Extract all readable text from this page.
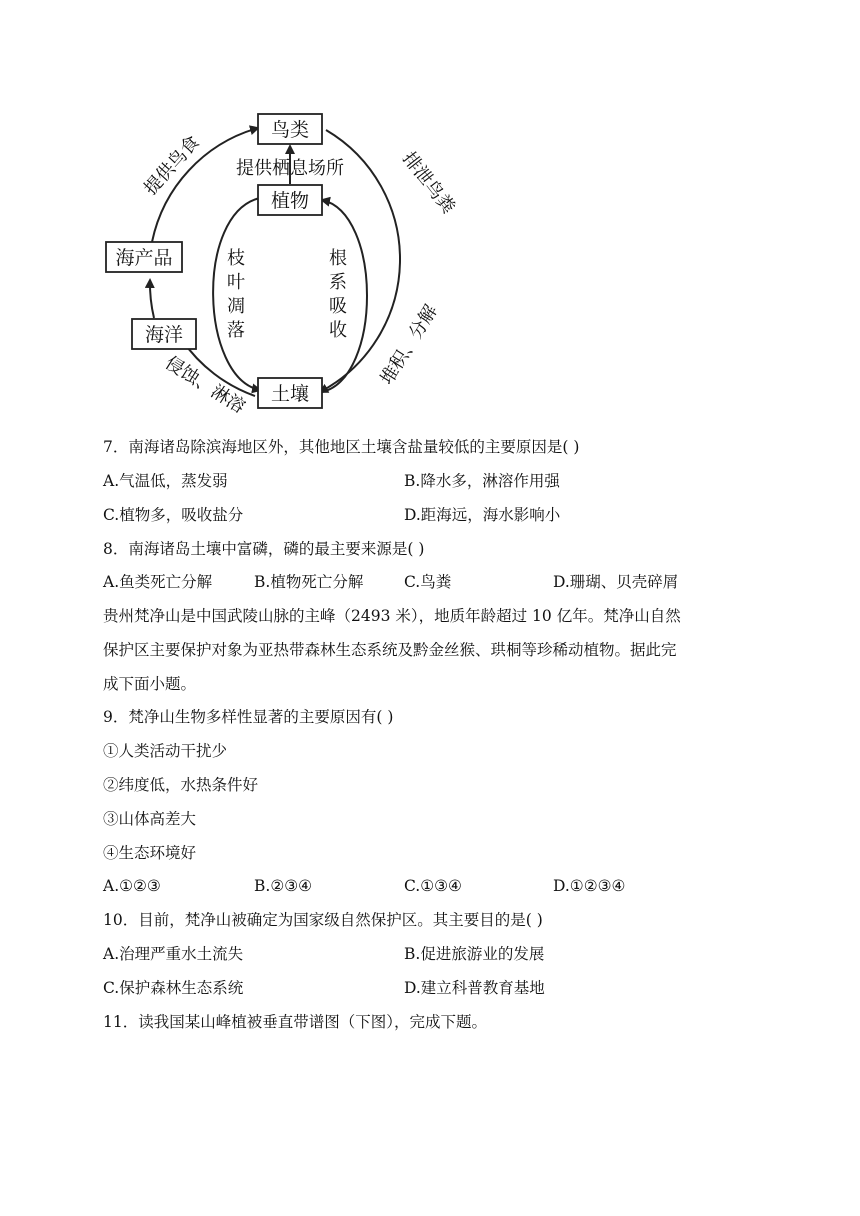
鸟类
植物
海产品
海洋
土壤
提供栖息场所
提供鸟食	排泄鸟粪
堆积、分解
侵蚀、淋溶
枝
叶
凋
落
根
系
吸
收
7．南海诸岛除滨海地区外，其他地区土壤含盐量较低的主要原因是( )
A.气温低，蒸发弱	B.降水多，淋溶作用强
C.植物多，吸收盐分	D.距海远，海水影响小
8．南海诸岛土壤中富磷，磷的最主要来源是( )
A.鱼类死亡分解	B.植物死亡分解	C.鸟粪	D.珊瑚、贝壳碎屑
贵州梵净山是中国武陵山脉的主峰（2493 米），地质年龄超过 10 亿年。梵净山自然
保护区主要保护对象为亚热带森林生态系统及黔金丝猴、珙桐等珍稀动植物。据此完
成下面小题。
9．梵净山生物多样性显著的主要原因有( )
①人类活动干扰少
②纬度低，水热条件好
③山体高差大
④生态环境好
A.①②③	B.②③④	C.①③④	D.①②③④
10．目前，梵净山被确定为国家级自然保护区。其主要目的是( )
A.治理严重水土流失	B.促进旅游业的发展
C.保护森林生态系统	D.建立科普教育基地
11．读我国某山峰植被垂直带谱图（下图），完成下题。
